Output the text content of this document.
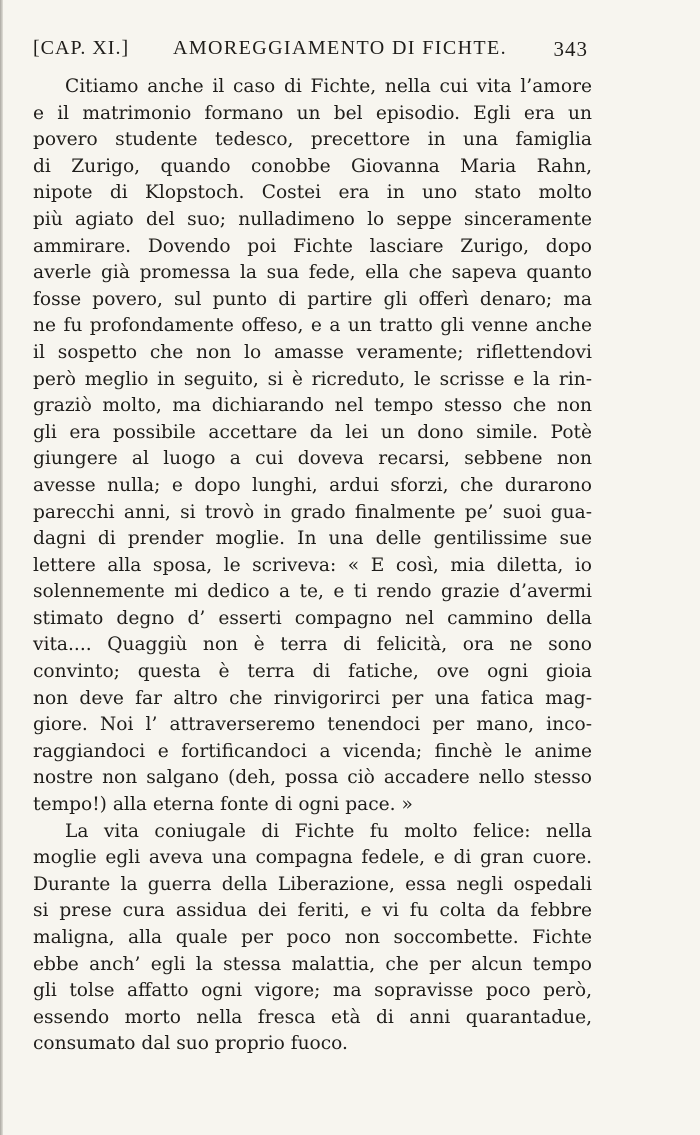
[CAP. XI.] AMOREGGIAMENTO DI FICHTE. 343
Citiamo anche il caso di Fichte, nella cui vita l’amore
e il matrimonio formano un bel episodio. Egli era un
povero studente tedesco, precettore in una famiglia
di Zurigo, quando conobbe Giovanna Maria Rahn,
nipote di Klopstoch. Costei era in uno stato molto
più agiato del suo; nulladimeno lo seppe sinceramente
ammirare. Dovendo poi Fichte lasciare Zurigo, dopo
averle già promessa la sua fede, ella che sapeva quanto
fosse povero, sul punto di partire gli offerì denaro; ma
ne fu profondamente offeso, e a un tratto gli venne anche
il sospetto che non lo amasse veramente; riflettendovi
però meglio in seguito, si è ricreduto, le scrisse e la rin-
graziò molto, ma dichiarando nel tempo stesso che non
gli era possibile accettare da lei un dono simile. Potè
giungere al luogo a cui doveva recarsi, sebbene non
avesse nulla; e dopo lunghi, ardui sforzi, che durarono
parecchi anni, si trovò in grado finalmente pe’ suoi gua-
dagni di prender moglie. In una delle gentilissime sue
lettere alla sposa, le scriveva: « E così, mia diletta, io
solennemente mi dedico a te, e ti rendo grazie d’avermi
stimato degno d’ esserti compagno nel cammino della
vita.... Quaggiù non è terra di felicità, ora ne sono
convinto; questa è terra di fatiche, ove ogni gioia
non deve far altro che rinvigorirci per una fatica mag-
giore. Noi l’ attraverseremo tenendoci per mano, inco-
raggiandoci e fortificandoci a vicenda; finchè le anime
nostre non salgano (deh, possa ciò accadere nello stesso
tempo!) alla eterna fonte di ogni pace. »
La vita coniugale di Fichte fu molto felice: nella
moglie egli aveva una compagna fedele, e di gran cuore.
Durante la guerra della Liberazione, essa negli ospedali
si prese cura assidua dei feriti, e vi fu colta da febbre
maligna, alla quale per poco non soccombette. Fichte
ebbe anch’ egli la stessa malattia, che per alcun tempo
gli tolse affatto ogni vigore; ma sopravisse poco però,
essendo morto nella fresca età di anni quarantadue,
consumato dal suo proprio fuoco.
